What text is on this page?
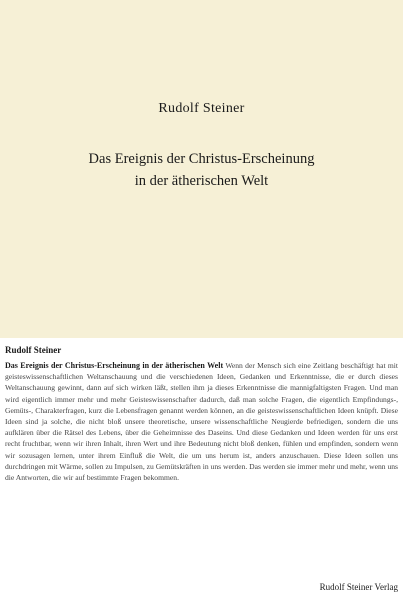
Rudolf Steiner
Das Ereignis der Christus-Erscheinung
in der ätherischen Welt

Rudolf Steiner

Das Ereignis der Christus-Erscheinung in der ätherischen Welt Wenn der Mensch sich eine Zeitlang beschäftigt hat mit geisteswissenschaftlichen Weltanschauung und die verschiedenen Ideen, Gedanken und Erkenntnisse, die er durch dieses Weltanschauung gewinnt, dann auf sich wirken läßt, stellen ihm ja dieses Erkenntnisse die mannigfaltigsten Fragen. Und man wird eigentlich immer mehr und mehr Geisteswissenschafter dadurch, daß man solche Fragen, die eigentlich Empfindungs-, Gemüts-, Charakterfragen, kurz die Lebensfragen genannt werden können, an die geisteswissenschaftlichen Ideen knüpft. Diese Ideen sind ja solche, die nicht bloß unsere theoretische, unsere wissenschaftliche Neugierde befriedigen, sondern die uns aufklären über die Rätsel des Lebens, über die Geheimnisse des Daseins. Und diese Gedanken und Ideen werden für uns erst recht fruchtbar, wenn wir ihren Inhalt, ihren Wert und ihre Bedeutung nicht bloß denken, fühlen und empfinden, sondern wenn wir sozusagen lernen, unter ihrem Einfluß die Welt, die um uns herum ist, anders anzuschauen. Diese Ideen sollen uns durchdringen mit Wärme, sollen zu Impulsen, zu Gemütskräften in uns werden. Das werden sie immer mehr und mehr, wenn uns die Antworten, die wir auf bestimmte Fragen bekommen.

Rudolf Steiner Verlag
